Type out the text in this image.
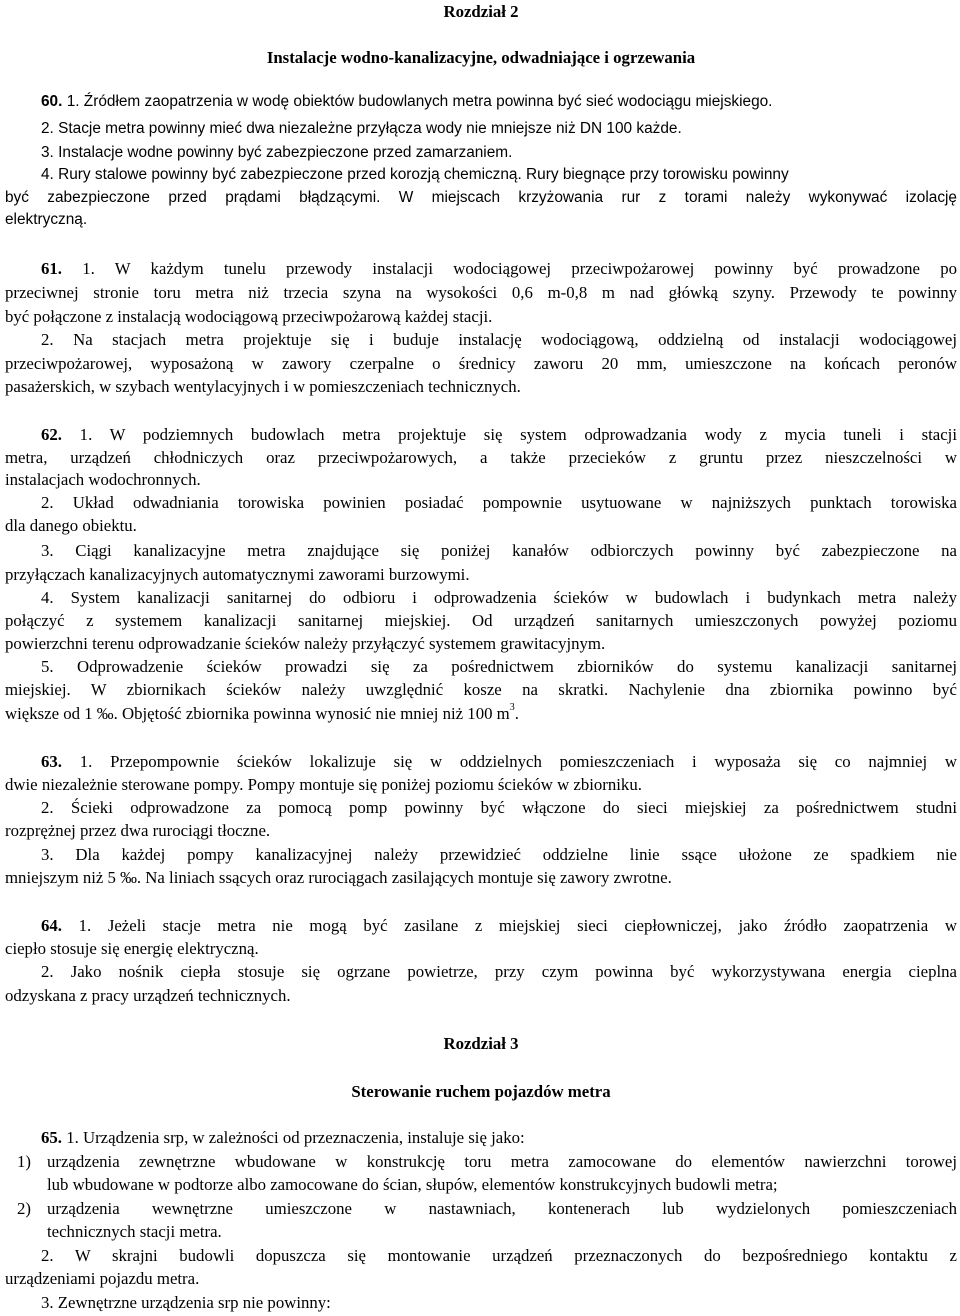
Rozdział 2
Instalacje wodno-kanalizacyjne, odwadniające i ogrzewania
60. 1. Źródłem zaopatrzenia w wodę obiektów budowlanych metra powinna być sieć wodociągu miejskiego.
2. Stacje metra powinny mieć dwa niezależne przyłącza wody nie mniejsze niż DN 100 każde.
3. Instalacje wodne powinny być zabezpieczone przed zamarzaniem.
4. Rury stalowe powinny być zabezpieczone przed korozją chemiczną. Rury biegnące przy torowisku powinny
być zabezpieczone przed prądami błądzącymi. W miejscach krzyżowania rur z torami należy wykonywać izolację
elektryczną.
61. 1. W każdym tunelu przewody instalacji wodociągowej przeciwpożarowej powinny być prowadzone po
przeciwnej stronie toru metra niż trzecia szyna na wysokości 0,6 m-0,8 m nad główką szyny. Przewody te powinny
być połączone z instalacją wodociągową przeciwpożarową każdej stacji.
2. Na stacjach metra projektuje się i buduje instalację wodociągową, oddzielną od instalacji wodociągowej
przeciwpożarowej, wyposażoną w zawory czerpalne o średnicy zaworu 20 mm, umieszczone na końcach peronów
pasażerskich, w szybach wentylacyjnych i w pomieszczeniach technicznych.
62. 1. W podziemnych budowlach metra projektuje się system odprowadzania wody z mycia tuneli i stacji
metra, urządzeń chłodniczych oraz przeciwpożarowych, a także przecieków z gruntu przez nieszczelności w
instalacjach wodochronnych.
2. Układ odwadniania torowiska powinien posiadać pompownie usytuowane w najniższych punktach torowiska
dla danego obiektu.
3. Ciągi kanalizacyjne metra znajdujące się poniżej kanałów odbiorczych powinny być zabezpieczone na
przyłączach kanalizacyjnych automatycznymi zaworami burzowymi.
4. System kanalizacji sanitarnej do odbioru i odprowadzenia ścieków w budowlach i budynkach metra należy
połączyć z systemem kanalizacji sanitarnej miejskiej. Od urządzeń sanitarnych umieszczonych powyżej poziomu
powierzchni terenu odprowadzanie ścieków należy przyłączyć systemem grawitacyjnym.
5. Odprowadzenie ścieków prowadzi się za pośrednictwem zbiorników do systemu kanalizacji sanitarnej
miejskiej. W zbiornikach ścieków należy uwzględnić kosze na skratki. Nachylenie dna zbiornika powinno być
większe od 1 ‰. Objętość zbiornika powinna wynosić nie mniej niż 100 $m^3$.
63. 1. Przepompownie ścieków lokalizuje się w oddzielnych pomieszczeniach i wyposaża się co najmniej w
dwie niezależnie sterowane pompy. Pompy montuje się poniżej poziomu ścieków w zbiorniku.
2. Ścieki odprowadzone za pomocą pomp powinny być włączone do sieci miejskiej za pośrednictwem studni
rozprężnej przez dwa rurociągi tłoczne.
3. Dla każdej pompy kanalizacyjnej należy przewidzieć oddzielne linie ssące ułożone ze spadkiem nie
mniejszym niż 5 ‰. Na liniach ssących oraz rurociągach zasilających montuje się zawory zwrotne.
64. 1. Jeżeli stacje metra nie mogą być zasilane z miejskiej sieci ciepłowniczej, jako źródło zaopatrzenia w
ciepło stosuje się energię elektryczną.
2. Jako nośnik ciepła stosuje się ogrzane powietrze, przy czym powinna być wykorzystywana energia cieplna
odzyskana z pracy urządzeń technicznych.
Rozdział 3
Sterowanie ruchem pojazdów metra
65. 1. Urządzenia srp, w zależności od przeznaczenia, instaluje się jako:
1) urządzenia zewnętrzne wbudowane w konstrukcję toru metra zamocowane do elementów nawierzchni torowej
lub wbudowane w podtorze albo zamocowane do ścian, słupów, elementów konstrukcyjnych budowli metra;
2) urządzenia wewnętrzne umieszczone w nastawniach, kontenerach lub wydzielonych pomieszczeniach
technicznych stacji metra.
2. W skrajni budowli dopuszcza się montowanie urządzeń przeznaczonych do bezpośredniego kontaktu z
urządzeniami pojazdu metra.
3. Zewnętrzne urządzenia srp nie powinny:
